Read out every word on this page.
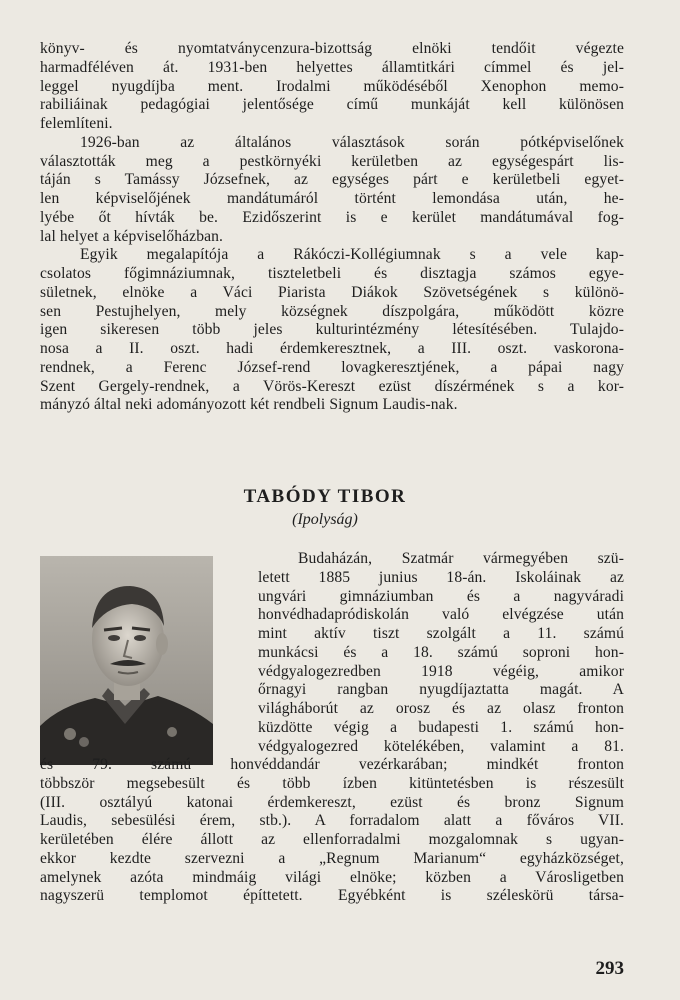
könyv- és nyomtatványcenzura-bizottság elnöki tendőit végezte
harmadféléven át. 1931-ben helyettes államtitkári címmel és jel-
leggel nyugdíjba ment. Irodalmi működéséből Xenophon memo-
rabiliáinak pedagógiai jelentősége című munkáját kell különösen
felemlíteni.
1926-ban az általános választások során pótképviselőnek
választották meg a pestkörnyéki kerületben az egységespárt lis-
táján s Tamássy Józsefnek, az egységes párt e kerületbeli egyet-
len képviselőjének mandátumáról történt lemondása után, he-
lyébe őt hívták be. Ezidőszerint is e kerület mandátumával fog-
lal helyet a képviselőházban.
Egyik megalapítója a Rákóczi-Kollégiumnak s a vele kap-
csolatos főgimnáziumnak, tiszteletbeli és disztagja számos egye-
sületnek, elnöke a Váci Piarista Diákok Szövetségének s különö-
sen Pestujhelyen, mely községnek díszpolgára, működött közre
igen sikeresen több jeles kulturintézmény létesítésében. Tulajdo-
nosa a II. oszt. hadi érdemkeresztnek, a III. oszt. vaskorona-
rendnek, a Ferenc József-rend lovagkeresztjének, a pápai nagy
Szent Gergely-rendnek, a Vörös-Kereszt ezüst díszérmének s a kor-
mányzó által neki adományozott két rendbeli Signum Laudis-nak.
TABÓDY TIBOR
(Ipolyság)
Budaházán, Szatmár vármegyében szü-
letett 1885 junius 18-án. Iskoláinak az
ungvári gimnáziumban és a nagyváradi
honvédhadapródiskolán való elvégzése után
mint aktív tiszt szolgált a 11. számú
munkácsi és a 18. számú soproni hon-
védgyalogezredben 1918 végéig, amikor
őrnagyi rangban nyugdíjaztatta magát. A
világháborút az orosz és az olasz fronton
küzdötte végig a budapesti 1. számú hon-
védgyalogezred kötelékében, valamint a 81.
és 79. számú honvéddandár vezérkarában; mindkét fronton
többször megsebesült és több ízben kitüntetésben is részesült
(III. osztályú katonai érdemkereszt, ezüst és bronz Signum
Laudis, sebesülési érem, stb.). A forradalom alatt a főváros VII.
kerületében élére állott az ellenforradalmi mozgalomnak s ugyan-
ekkor kezdte szervezni a „Regnum Marianum“ egyházközséget,
amelynek azóta mindmáig világi elnöke; közben a Városligetben
nagyszerü templomot építtetett. Egyébként is széleskörü társa-
293
